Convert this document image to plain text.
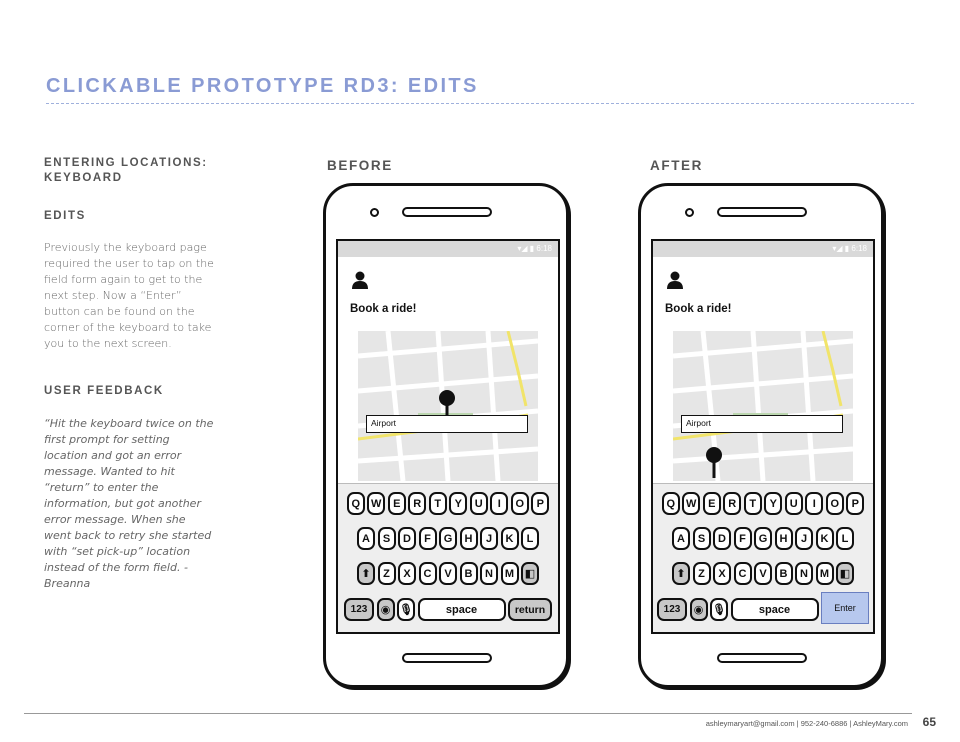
CLICKABLE PROTOTYPE RD3: EDITS
ENTERING LOCATIONS:
KEYBOARD
EDITS
Previously the keyboard page required the user to tap on the field form again to get to the next step. Now a “Enter” button can be found on the corner of the keyboard to take you to the next screen.
USER FEEDBACK
“Hit the keyboard twice on the first prompt for setting location and got an error message. Wanted to hit “return” to enter the information, but got another error message. When she went back to retry she started with “set pick-up” location instead of the form field. -Breanna
BEFORE	AFTER
▾◢ ▮ 6:18
Book a ride!
Airport
Q	W	E	R	T	Y	U	I	O	P
A	S	D	F	G	H	J	K	L
⬆	Z	X	C	V	B	N	M ◧
123	◉ 🎙	space	return
▾◢ ▮ 6:18
Book a ride!
Airport
Q	W	E	R	T	Y	U	I	O	P
A	S	D	F	G	H	J	K	L
⬆	Z	X	C	V	B	N	M ◧
123	◉ 🎙	space	Enter
ashleymaryart@gmail.com | 952-240-6886 | AshleyMary.com 65
